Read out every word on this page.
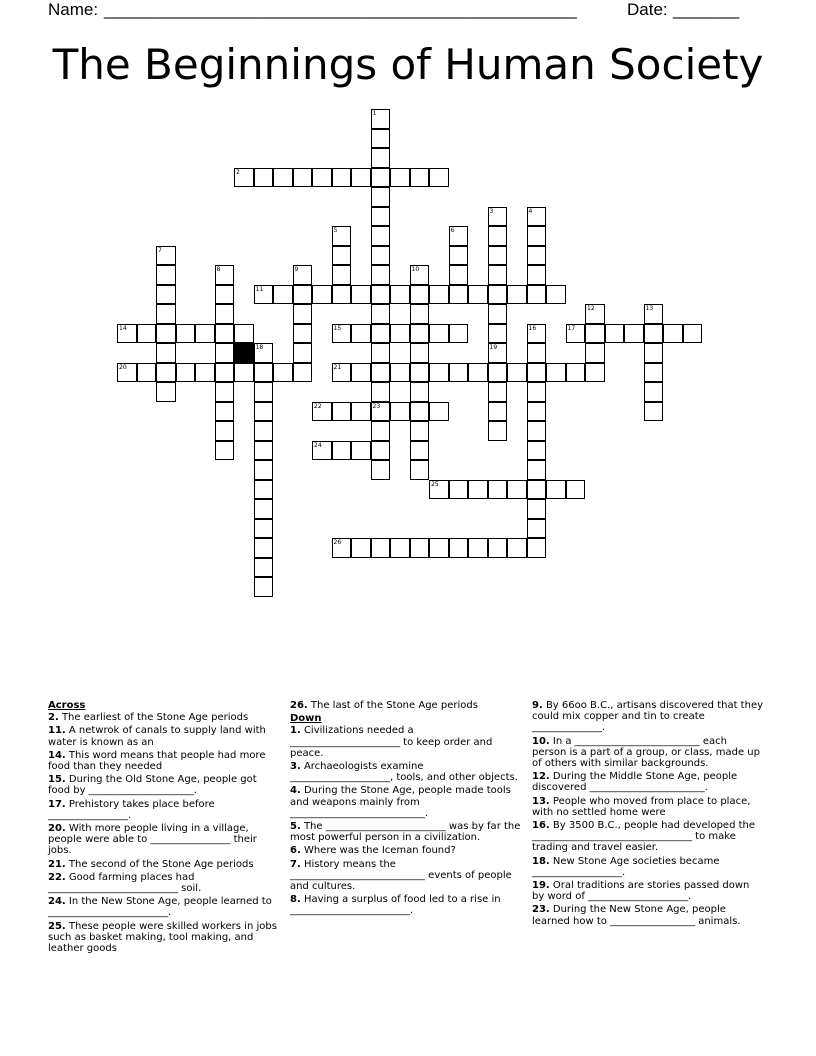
Name: __________________________________________________	Date: _______
The Beginnings of Human Society
1
2
3
19
4
5	6
7
8	9	10
11
12	13
14	15	16	17
18
20	21
22	23
24
25
26
Across
2. The earliest of the Stone Age periods
11. A netwrok of canals to supply land with water is known as an
14. This word means that people had more food than they needed
15. During the Old Stone Age, people got food by _____________________.
17. Prehistory takes place before ________________.
20. With more people living in a village, people were able to ________________ their jobs.
21. The second of the Stone Age periods
22. Good farming places had __________________________ soil.
24. In the New Stone Age, people learned to ________________________.
25. These people were skilled workers in jobs such as basket making, tool making, and leather goods
26. The last of the Stone Age periods
Down
1. Civilizations needed a ______________________ to keep order and peace.
3. Archaeologists examine ____________________, tools, and other objects.
4. During the Stone Age, people made tools and weapons mainly from ___________________________.
5. The ________________________ was by far the most powerful person in a civilization.
6. Where was the Iceman found?
7. History means the ___________________________ events of people and cultures.
8. Having a surplus of food led to a rise in ________________________.
9. By 66oo B.C., artisans discovered that they could mix copper and tin to create ______________.
10. In a _________________________ each person is a part of a group, or class, made up of others with similar backgrounds.
12. During the Middle Stone Age, people discovered _______________________.
13. People who moved from place to place, with no settled home were
16. By 3500 B.C., people had developed the ________________________________ to make trading and travel easier.
18. New Stone Age societies became __________________.
19. Oral traditions are stories passed down by word of ____________________.
23. During the New Stone Age, people learned how to _________________ animals.
